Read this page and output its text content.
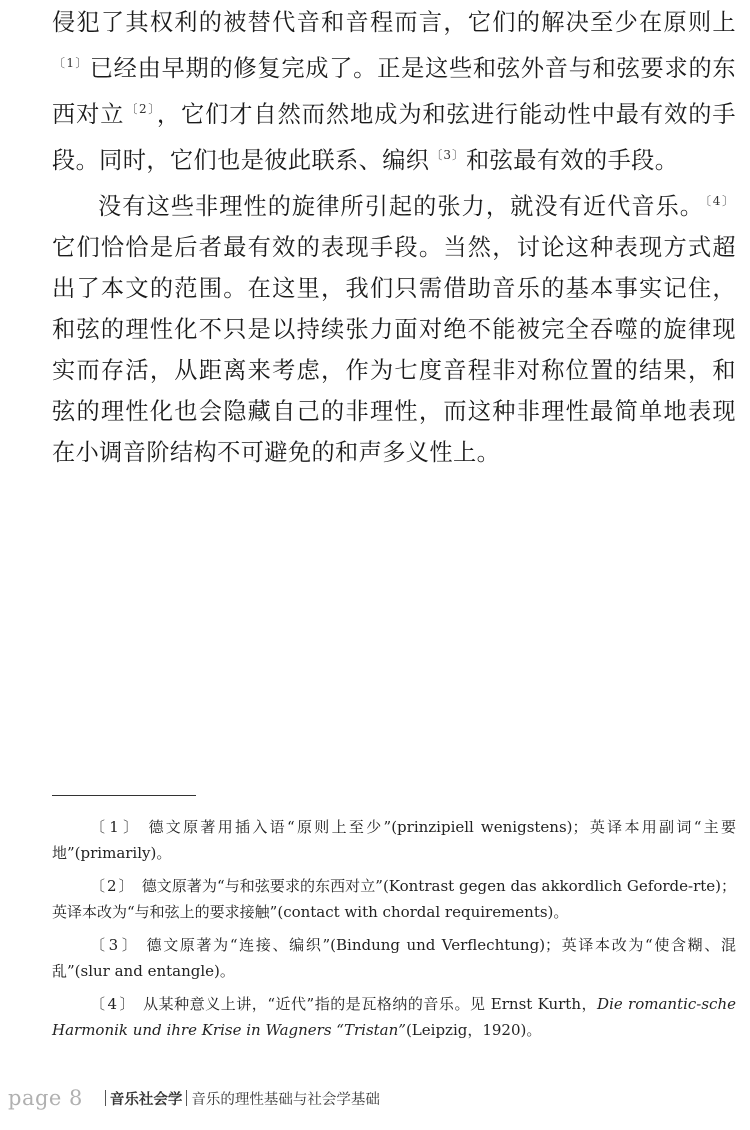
侵犯了其权利的被替代音和音程而言，它们的解决至少在原则上$^{〔1〕}$已经由早期的修复完成了。正是这些和弦外音与和弦要求的东西对立$^{〔2〕}$，它们才自然而然地成为和弦进行能动性中最有效的手段。同时，它们也是彼此联系、编织$^{〔3〕}$和弦最有效的手段。

没有这些非理性的旋律所引起的张力，就没有近代音乐。$^{〔4〕}$它们恰恰是后者最有效的表现手段。当然，讨论这种表现方式超出了本文的范围。在这里，我们只需借助音乐的基本事实记住，和弦的理性化不只是以持续张力面对绝不能被完全吞噬的旋律现实而存活，从距离来考虑，作为七度音程非对称位置的结果，和弦的理性化也会隐藏自己的非理性，而这种非理性最简单地表现在小调音阶结构不可避免的和声多义性上。

〔1〕 德文原著用插入语“原则上至少”(prinzipiell wenigstens)；英译本用副词“主要地”(primarily)。

〔2〕 德文原著为“与和弦要求的东西对立”(Kontrast gegen das akkordlich Geforde-rte)；英译本改为“与和弦上的要求接触”(contact with chordal requirements)。

〔3〕 德文原著为“连接、编织”(Bindung und Verflechtung)；英译本改为“使含糊、混乱”(slur and entangle)。

〔4〕 从某种意义上讲，“近代”指的是瓦格纳的音乐。见 Ernst Kurth，Die romantic-sche Harmonik und ihre Krise in Wagners “Tristan”(Leipzig，1920)。

page 8 音乐社会学 音乐的理性基础与社会学基础
